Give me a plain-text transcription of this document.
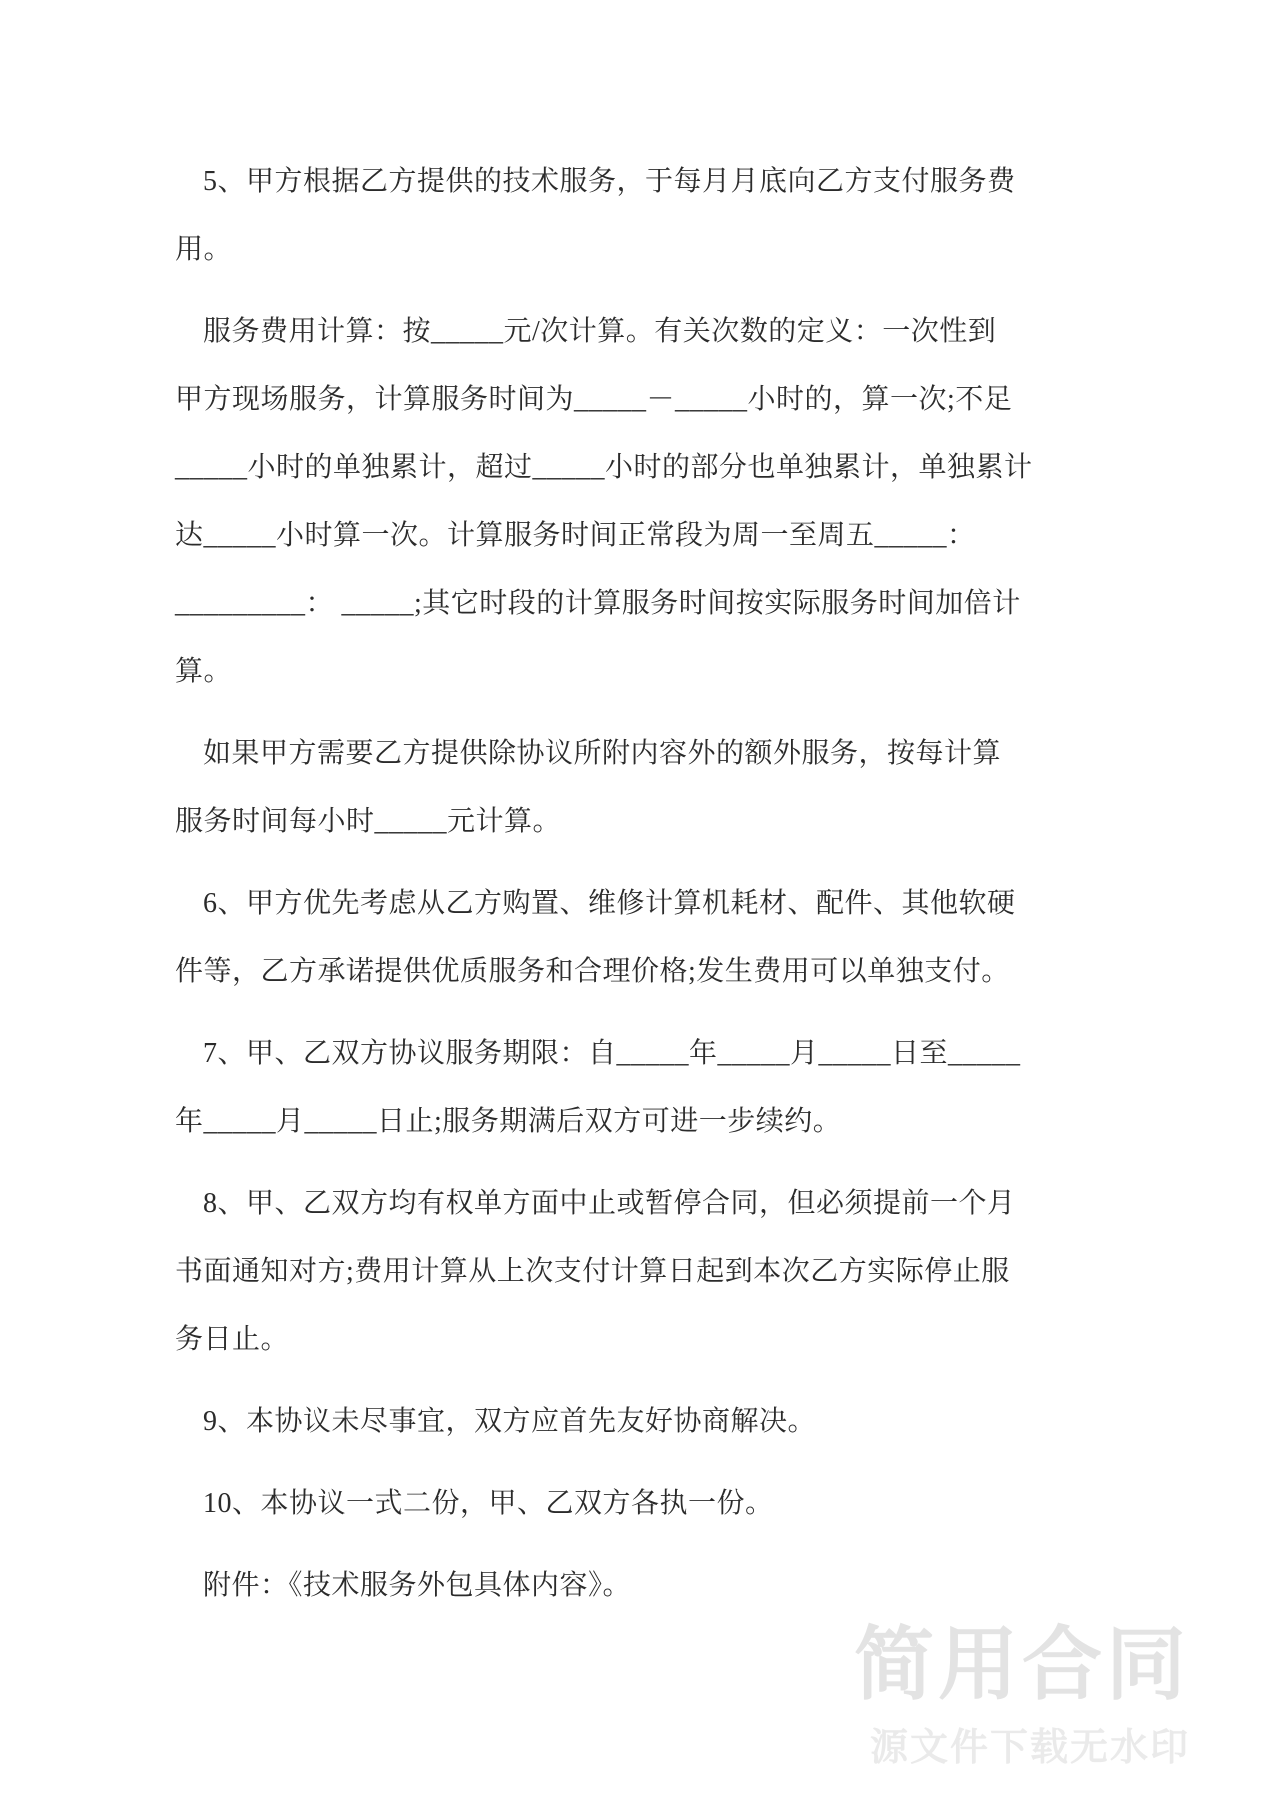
5、甲方根据乙方提供的技术服务，于每月月底向乙方支付服务费
用。
服务费用计算：按_____元/次计算。有关次数的定义：一次性到
甲方现场服务，计算服务时间为_____－_____小时的，算一次;不足
_____小时的单独累计，超过_____小时的部分也单独累计，单独累计
达_____小时算一次。计算服务时间正常段为周一至周五_____：
_________： _____;其它时段的计算服务时间按实际服务时间加倍计
算。
如果甲方需要乙方提供除协议所附内容外的额外服务，按每计算
服务时间每小时_____元计算。
6、甲方优先考虑从乙方购置、维修计算机耗材、配件、其他软硬
件等，乙方承诺提供优质服务和合理价格;发生费用可以单独支付。
7、甲、乙双方协议服务期限：自_____年_____月_____日至_____
年_____月_____日止;服务期满后双方可进一步续约。
8、甲、乙双方均有权单方面中止或暂停合同，但必须提前一个月
书面通知对方;费用计算从上次支付计算日起到本次乙方实际停止服
务日止。
9、本协议未尽事宜，双方应首先友好协商解决。
10、本协议一式二份，甲、乙双方各执一份。
附件：《技术服务外包具体内容》。
简用合同
源文件下载无水印
